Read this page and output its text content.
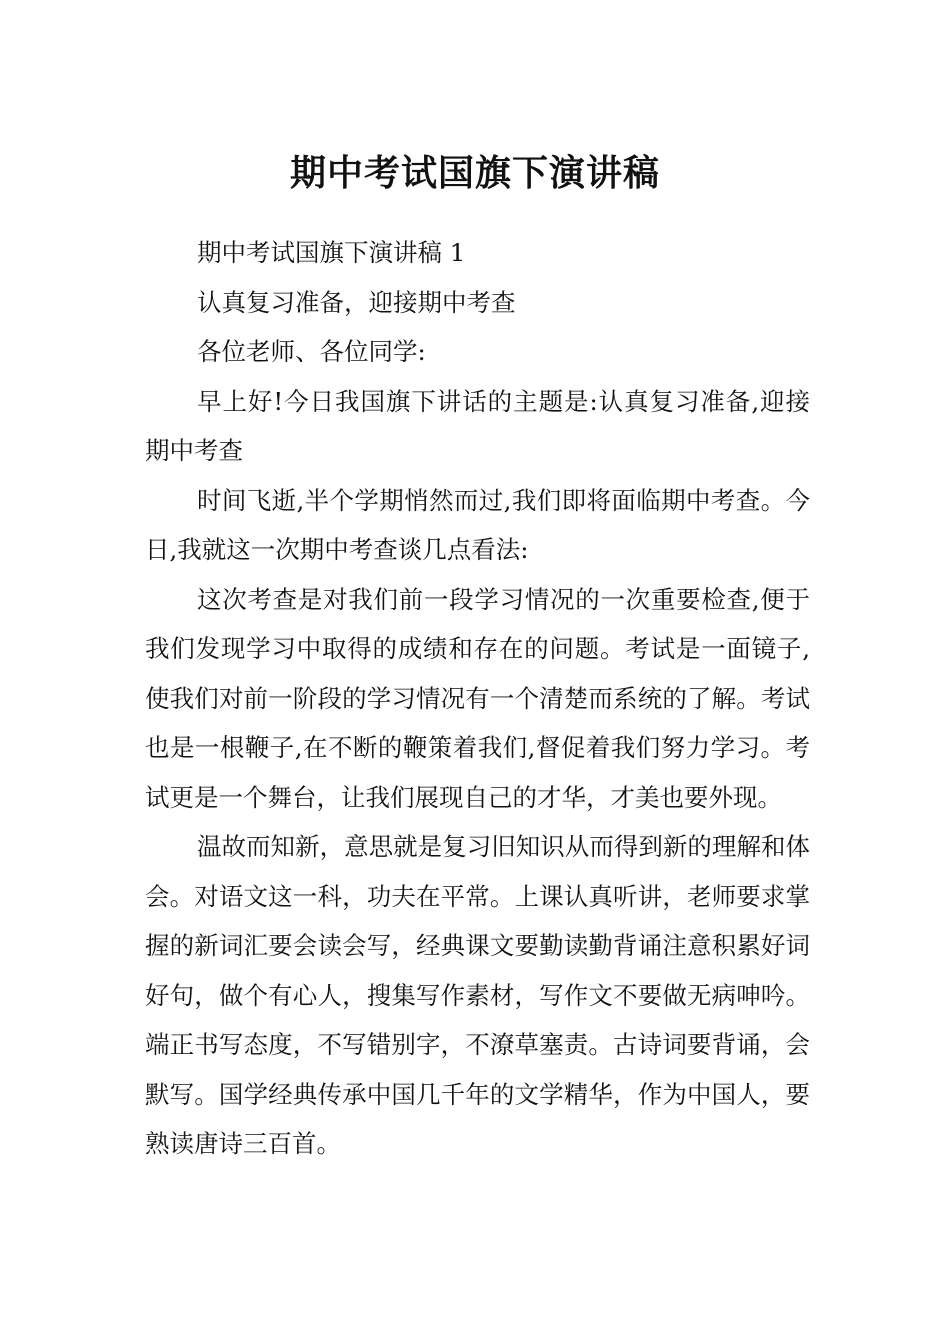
期中考试国旗下演讲稿

期中考试国旗下演讲稿 1

认真复习准备，迎接期中考查

各位老师、各位同学:

早上好!今日我国旗下讲话的主题是:认真复习准备,迎接期中考查

时间飞逝,半个学期悄然而过,我们即将面临期中考查。今日,我就这一次期中考查谈几点看法:

这次考查是对我们前一段学习情况的一次重要检查,便于我们发现学习中取得的成绩和存在的问题。考试是一面镜子,使我们对前一阶段的学习情况有一个清楚而系统的了解。考试也是一根鞭子,在不断的鞭策着我们,督促着我们努力学习。考试更是一个舞台，让我们展现自己的才华，才美也要外现。

温故而知新，意思就是复习旧知识从而得到新的理解和体会。对语文这一科，功夫在平常。上课认真听讲，老师要求掌握的新词汇要会读会写，经典课文要勤读勤背诵注意积累好词好句，做个有心人，搜集写作素材，写作文不要做无病呻吟。端正书写态度，不写错别字，不潦草塞责。古诗词要背诵，会默写。国学经典传承中国几千年的文学精华，作为中国人，要熟读唐诗三百首。
